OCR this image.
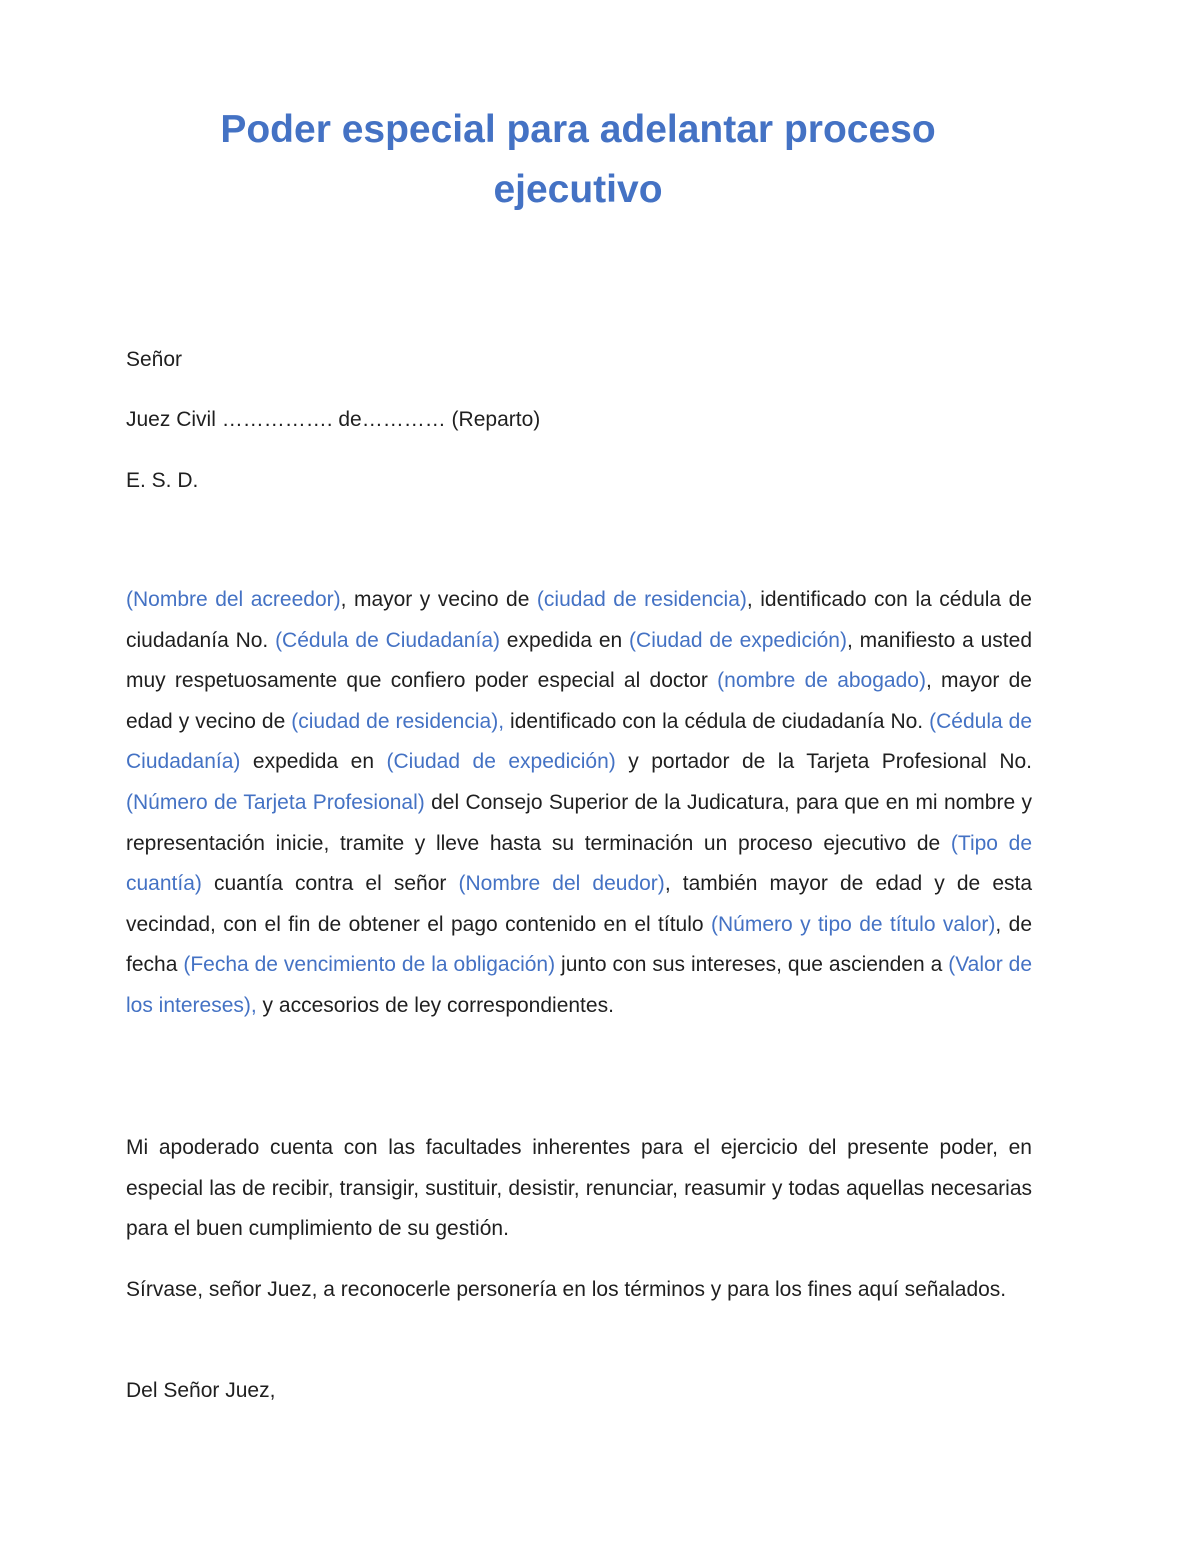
Poder especial para adelantar proceso
ejecutivo

Señor

Juez Civil ……………. de………… (Reparto)

E. S. D.

(Nombre del acreedor), mayor y vecino de (ciudad de residencia), identificado con la cédula de ciudadanía No. (Cédula de Ciudadanía) expedida en (Ciudad de expedición), manifiesto a usted muy respetuosamente que confiero poder especial al doctor (nombre de abogado), mayor de edad y vecino de (ciudad de residencia), identificado con la cédula de ciudadanía No. (Cédula de Ciudadanía) expedida en (Ciudad de expedición) y portador de la Tarjeta Profesional No. (Número de Tarjeta Profesional) del Consejo Superior de la Judicatura, para que en mi nombre y representación inicie, tramite y lleve hasta su terminación un proceso ejecutivo de (Tipo de cuantía) cuantía contra el señor (Nombre del deudor), también mayor de edad y de esta vecindad, con el fin de obtener el pago contenido en el título (Número y tipo de título valor), de fecha (Fecha de vencimiento de la obligación) junto con sus intereses, que ascienden a (Valor de los intereses), y accesorios de ley correspondientes.

Mi apoderado cuenta con las facultades inherentes para el ejercicio del presente poder, en especial las de recibir, transigir, sustituir, desistir, renunciar, reasumir y todas aquellas necesarias para el buen cumplimiento de su gestión.

Sírvase, señor Juez, a reconocerle personería en los términos y para los fines aquí señalados.

Del Señor Juez,
